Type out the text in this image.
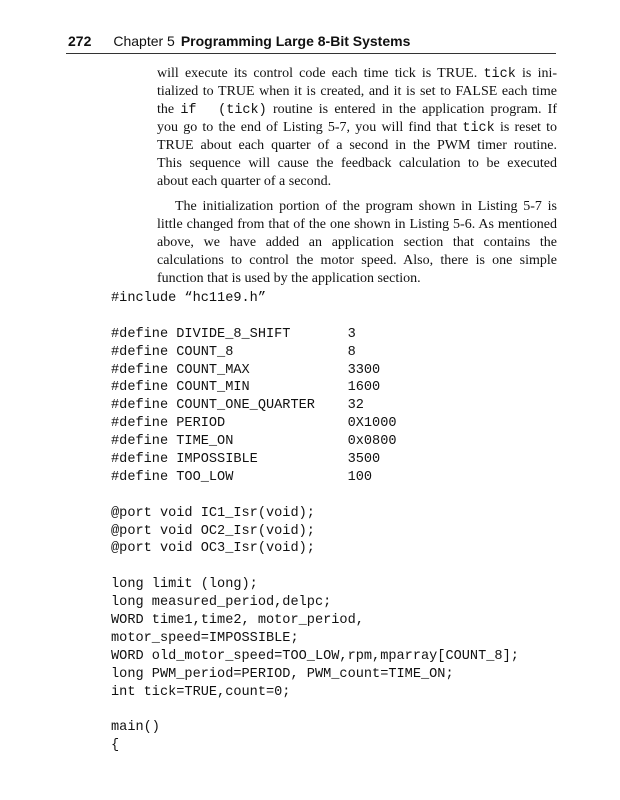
272 Chapter 5 Programming Large 8-Bit Systems
will execute its control code each time tick is TRUE. tick is ini-
tialized to TRUE when it is created, and it is set to FALSE each time
the if  (tick) routine is entered in the application program. If
you go to the end of Listing 5-7, you will find that tick is reset to
TRUE about each quarter of a second in the PWM timer routine.
This sequence will cause the feedback calculation to be executed
about each quarter of a second.
The initialization portion of the program shown in Listing 5-7 is
little changed from that of the one shown in Listing 5-6. As mentioned
above, we have added an application section that contains the
calculations to control the motor speed. Also, there is one simple
function that is used by the application section.
#include “hc11e9.h”
#define DIVIDE_8_SHIFT       3
#define COUNT_8              8
#define COUNT_MAX            3300
#define COUNT_MIN            1600
#define COUNT_ONE_QUARTER    32
#define PERIOD               0X1000
#define TIME_ON              0x0800
#define IMPOSSIBLE           3500
#define TOO_LOW              100
@port void IC1_Isr(void);
@port void OC2_Isr(void);
@port void OC3_Isr(void);
long limit (long);
long measured_period,delpc;
WORD time1,time2, motor_period,
motor_speed=IMPOSSIBLE;
WORD old_motor_speed=TOO_LOW,rpm,mparray[COUNT_8];
long PWM_period=PERIOD, PWM_count=TIME_ON;
int tick=TRUE,count=0;
main()
{
